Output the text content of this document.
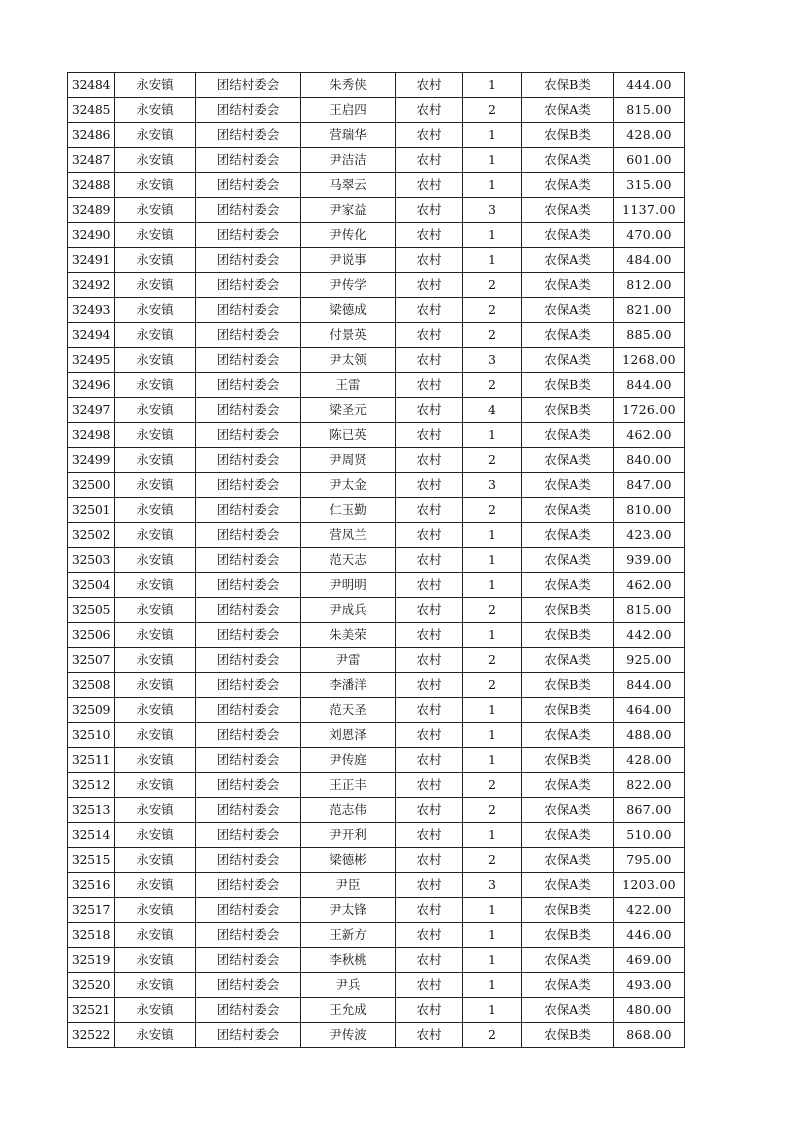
32484	永安镇	团结村委会	朱秀侠	农村	1	农保B类	444.00
32485	永安镇	团结村委会	王启四	农村	2	农保A类	815.00
32486	永安镇	团结村委会	营瑞华	农村	1	农保B类	428.00
32487	永安镇	团结村委会	尹洁洁	农村	1	农保A类	601.00
32488	永安镇	团结村委会	马翠云	农村	1	农保A类	315.00
32489	永安镇	团结村委会	尹家益	农村	3	农保A类	1137.00
32490	永安镇	团结村委会	尹传化	农村	1	农保A类	470.00
32491	永安镇	团结村委会	尹说事	农村	1	农保A类	484.00
32492	永安镇	团结村委会	尹传学	农村	2	农保A类	812.00
32493	永安镇	团结村委会	梁德成	农村	2	农保A类	821.00
32494	永安镇	团结村委会	付景英	农村	2	农保A类	885.00
32495	永安镇	团结村委会	尹太领	农村	3	农保A类	1268.00
32496	永安镇	团结村委会	王雷	农村	2	农保B类	844.00
32497	永安镇	团结村委会	梁圣元	农村	4	农保B类	1726.00
32498	永安镇	团结村委会	陈已英	农村	1	农保A类	462.00
32499	永安镇	团结村委会	尹周贤	农村	2	农保A类	840.00
32500	永安镇	团结村委会	尹太金	农村	3	农保A类	847.00
32501	永安镇	团结村委会	仁玉勤	农村	2	农保A类	810.00
32502	永安镇	团结村委会	营凤兰	农村	1	农保A类	423.00
32503	永安镇	团结村委会	范天志	农村	1	农保A类	939.00
32504	永安镇	团结村委会	尹明明	农村	1	农保A类	462.00
32505	永安镇	团结村委会	尹成兵	农村	2	农保B类	815.00
32506	永安镇	团结村委会	朱美荣	农村	1	农保B类	442.00
32507	永安镇	团结村委会	尹雷	农村	2	农保A类	925.00
32508	永安镇	团结村委会	李潘洋	农村	2	农保B类	844.00
32509	永安镇	团结村委会	范天圣	农村	1	农保B类	464.00
32510	永安镇	团结村委会	刘恩泽	农村	1	农保A类	488.00
32511	永安镇	团结村委会	尹传庭	农村	1	农保B类	428.00
32512	永安镇	团结村委会	王正丰	农村	2	农保A类	822.00
32513	永安镇	团结村委会	范志伟	农村	2	农保A类	867.00
32514	永安镇	团结村委会	尹开利	农村	1	农保A类	510.00
32515	永安镇	团结村委会	梁德彬	农村	2	农保A类	795.00
32516	永安镇	团结村委会	尹臣	农村	3	农保A类	1203.00
32517	永安镇	团结村委会	尹太锋	农村	1	农保B类	422.00
32518	永安镇	团结村委会	王新方	农村	1	农保B类	446.00
32519	永安镇	团结村委会	李秋桃	农村	1	农保A类	469.00
32520	永安镇	团结村委会	尹兵	农村	1	农保A类	493.00
32521	永安镇	团结村委会	王允成	农村	1	农保A类	480.00
32522	永安镇	团结村委会	尹传波	农村	2	农保B类	868.00
